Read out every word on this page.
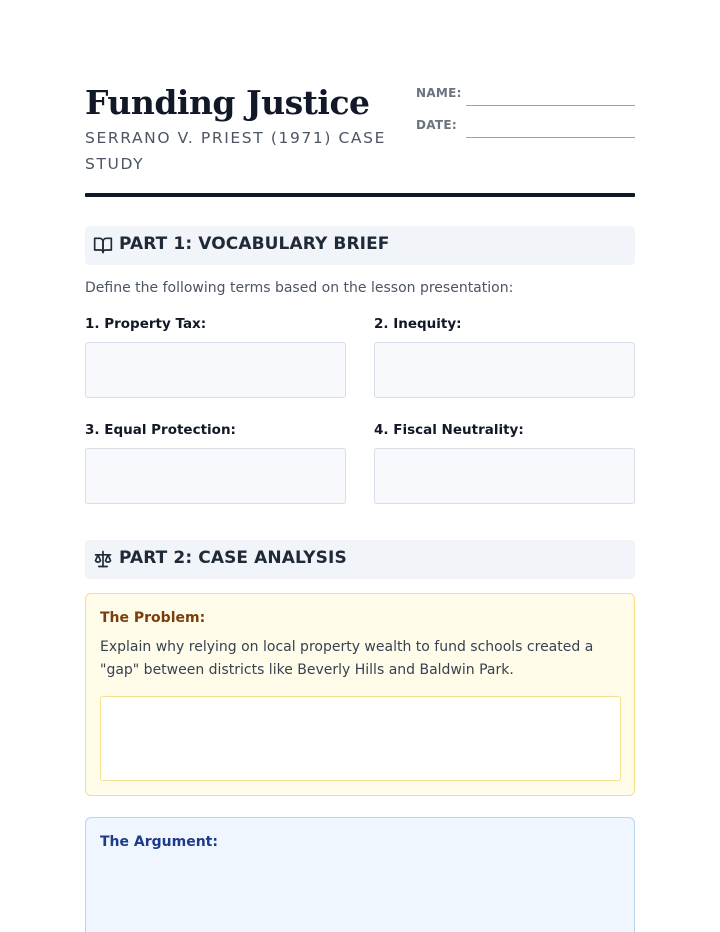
Funding Justice
SERRANO V. PRIEST (1971) CASE STUDY
NAME:
DATE:
PART 1: VOCABULARY BRIEF
Define the following terms based on the lesson presentation:
1. Property Tax:	2. Inequity:
3. Equal Protection:	4. Fiscal Neutrality:
PART 2: CASE ANALYSIS
The Problem:
Explain why relying on local property wealth to fund schools created a "gap" between districts like Beverly Hills and Baldwin Park.
The Argument:
